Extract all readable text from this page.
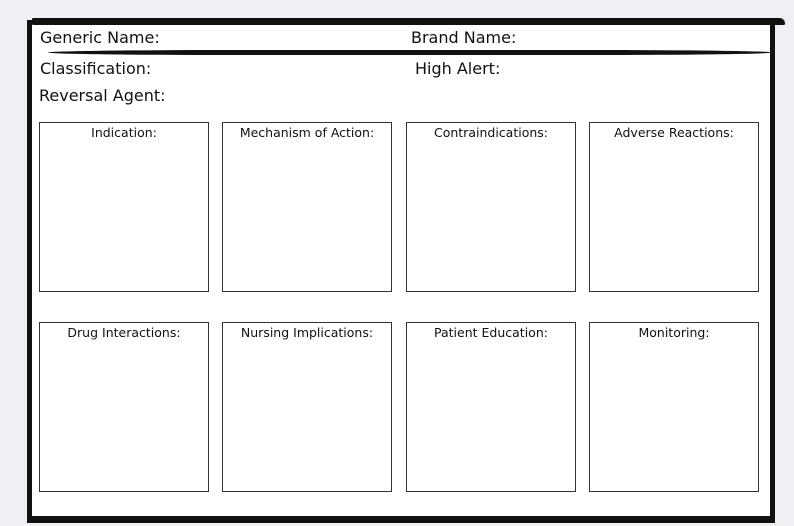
Generic Name:	Brand Name:
Classification:	High Alert:
Reversal Agent:
Indication:	Mechanism of Action:	Contraindications:	Adverse Reactions:
Drug Interactions:	Nursing Implications:	Patient Education:	Monitoring:
